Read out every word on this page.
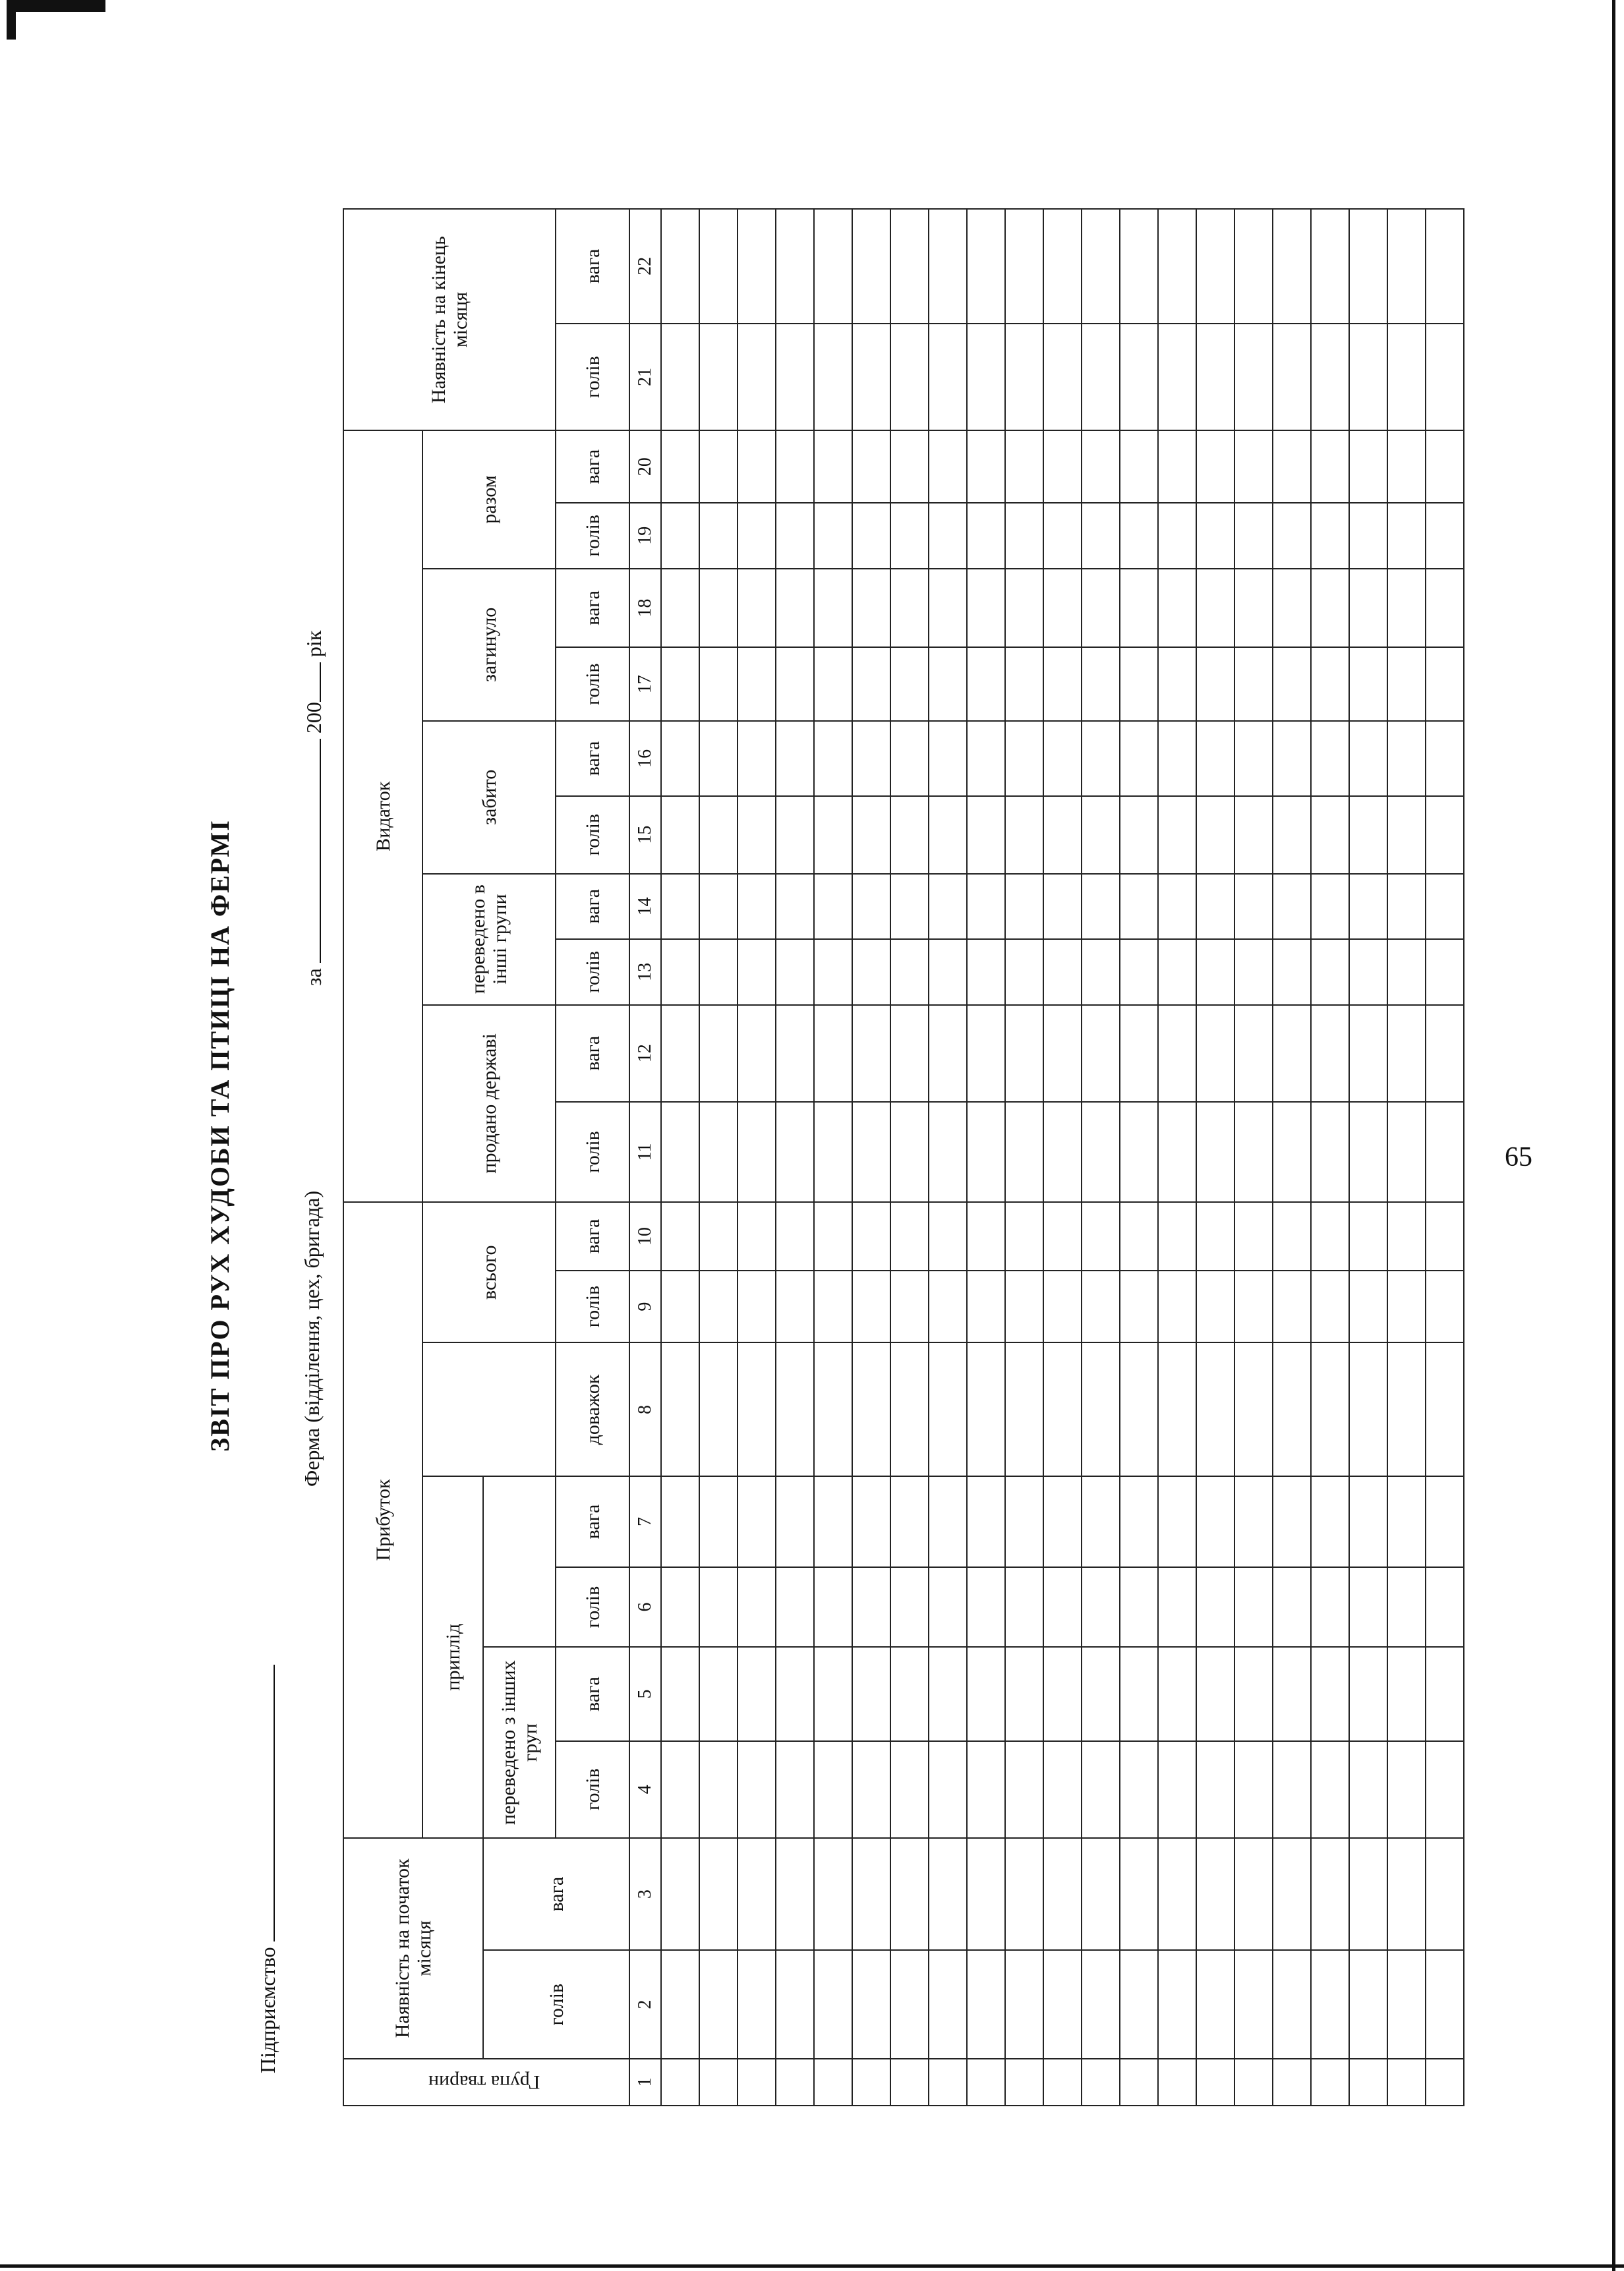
ЗВІТ ПРО РУХ ХУДОБИ ТА ПТИЦІ НА ФЕРМІ
Підприємство
Ферма (відділення, цех, бригада)
за  200 рік
Група тварин	Наявність на початок місяця		Прибуток							Видаток										Наявність на кінець місяця	
			приплід					всього		продано державі		переведено в інші групи		забито		загинуло		разом			
	голів	вага	переведено з інших груп																		
			голів	вага	голів	вага	доважок	голів	вага	голів	вага	голів	вага	голів	вага	голів	вага	голів	вага	голів	вага
1	2	3	4	5	6	7	8	9	10	11	12	13	14	15	16	17	18	19	20	21	22

65
